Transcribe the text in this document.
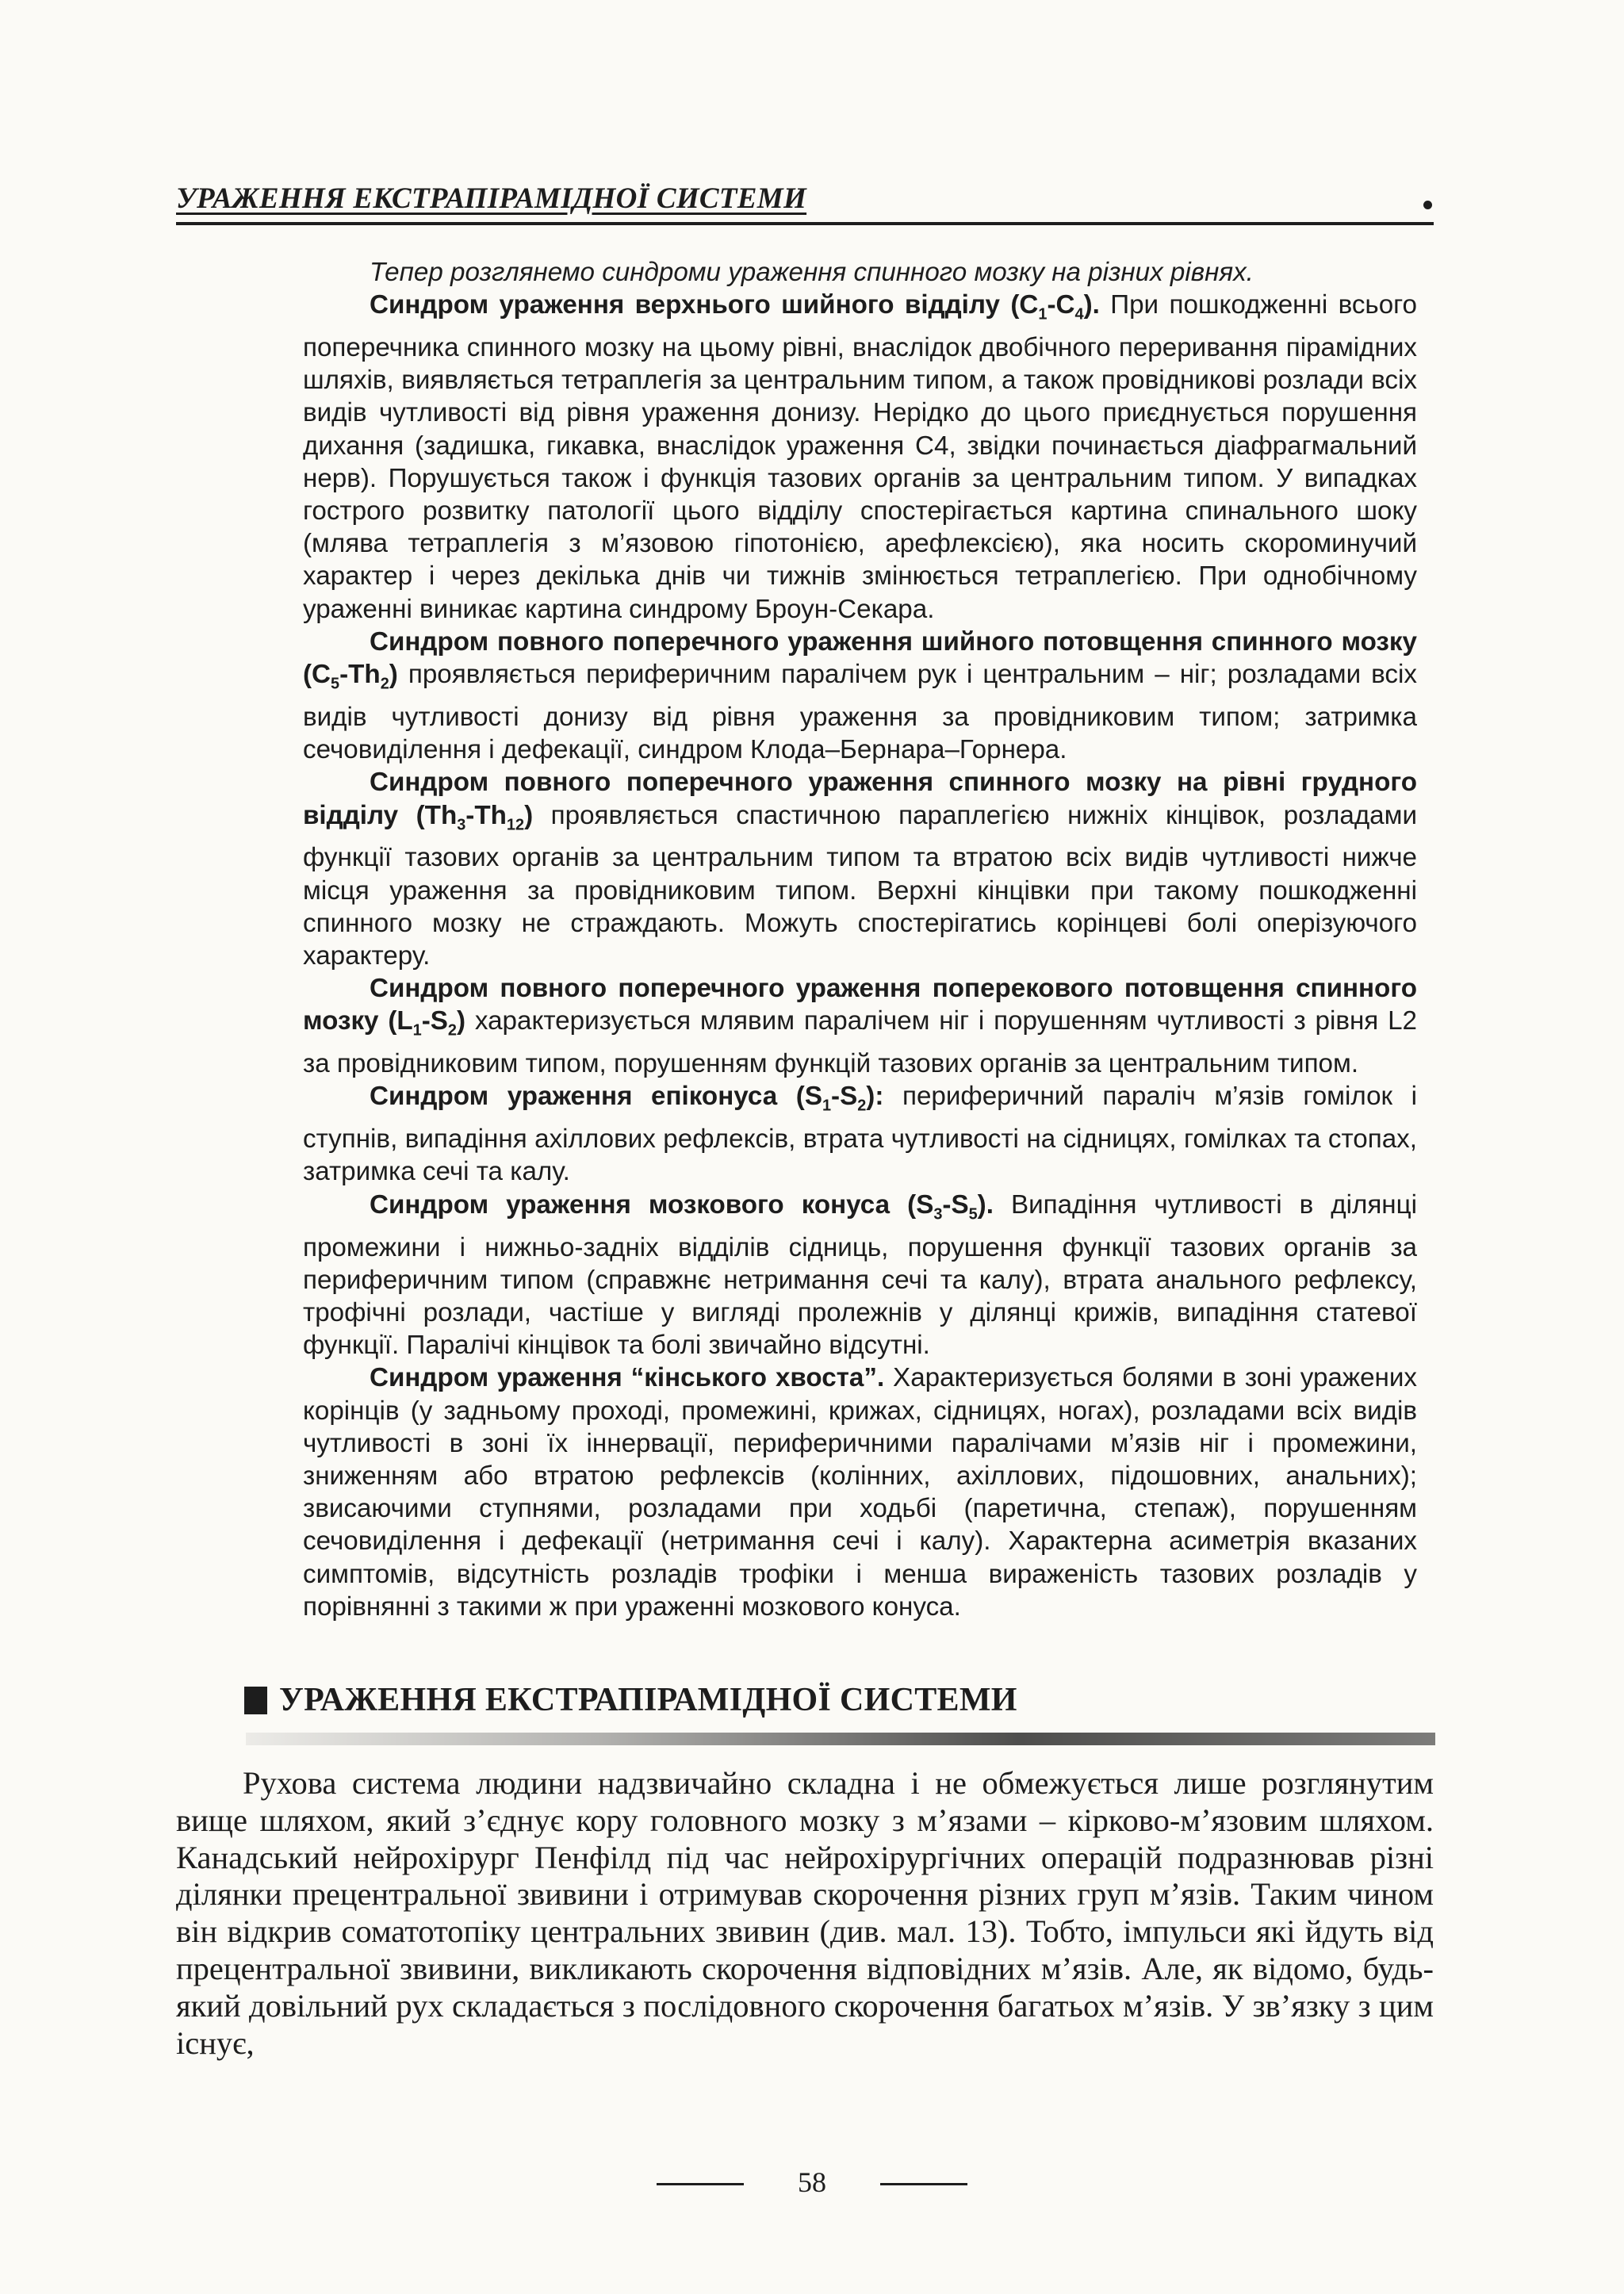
УРАЖЕННЯ ЕКСТРАПІРАМІДНОЇ СИСТЕМИ

Тепер розглянемо синдроми ураження спинного мозку на різних рівнях.

Синдром ураження верхнього шийного відділу $(С_1-С_4)$. При пошкодженні всього поперечника спинного мозку на цьому рівні, внаслідок двобічного переривання пірамідних шляхів, виявляється тетраплегія за центральним типом, а також провідникові розлади всіх видів чутливості від рівня ураження донизу. Нерідко до цього приєднується порушення дихання (задишка, гикавка, внаслідок ураження С4, звідки починається діафрагмальний нерв). Порушується також і функція тазових органів за центральним типом. У випадках гострого розвитку патології цього відділу спостерігається картина спинального шоку (млява тетраплегія з м’язовою гіпотонією, арефлексією), яка носить скороминучий характер і через декілька днів чи тижнів змінюється тетраплегією. При однобічному ураженні виникає картина синдрому Броун-Секара.

Синдром повного поперечного ураження шийного потовщення спинного мозку $(С_5-Th_2)$ проявляється периферичним паралічем рук і центральним – ніг; розладами всіх видів чутливості донизу від рівня ураження за провідниковим типом; затримка сечовиділення і дефекації, синдром Клода–Бернара–Горнера.

Синдром повного поперечного ураження спинного мозку на рівні грудного відділу $(Th_3-Th_{12})$ проявляється спастичною параплегією нижніх кінцівок, розладами функції тазових органів за центральним типом та втратою всіх видів чутливості нижче місця ураження за провідниковим типом. Верхні кінцівки при такому пошкодженні спинного мозку не страждають. Можуть спостерігатись корінцеві болі оперізуючого характеру.

Синдром повного поперечного ураження поперекового потовщення спинного мозку $(L_1-S_2)$ характеризується млявим паралічем ніг і порушенням чутливості з рівня L2 за провідниковим типом, порушенням функцій тазових органів за центральним типом.

Синдром ураження епіконуса $(S_1-S_2)$: периферичний параліч м’язів гомілок і ступнів, випадіння ахіллових рефлексів, втрата чутливості на сідницях, гомілках та стопах, затримка сечі та калу.

Синдром ураження мозкового конуса $(S_3-S_5)$. Випадіння чутливості в ділянці промежини і нижньо-задніх відділів сідниць, порушення функції тазових органів за периферичним типом (справжнє нетримання сечі та калу), втрата анального рефлексу, трофічні розлади, частіше у вигляді пролежнів у ділянці крижів, випадіння статевої функції. Паралічі кінцівок та болі звичайно відсутні.

Синдром ураження “кінського хвоста”. Характеризується болями в зоні уражених корінців (у задньому проході, промежині, крижах, сідницях, ногах), розладами всіх видів чутливості в зоні їх іннервації, периферичними паралічами м’язів ніг і промежини, зниженням або втратою рефлексів (колінних, ахіллових, підошовних, анальних); звисаючими ступнями, розладами при ходьбі (паретична, степаж), порушенням сечовиділення і дефекації (нетримання сечі і калу). Характерна асиметрія вказаних симптомів, відсутність розладів трофіки і менша вираженість тазових розладів у порівнянні з такими ж при ураженні мозкового конуса.

УРАЖЕННЯ ЕКСТРАПІРАМІДНОЇ СИСТЕМИ

Рухова система людини надзвичайно складна і не обмежується лише розглянутим вище шляхом, який з’єднує кору головного мозку з м’язами – кірково-м’язовим шляхом. Канадський нейрохірург Пенфілд під час нейрохірургічних операцій подразнював різні ділянки прецентральної звивини і отримував скорочення різних груп м’язів. Таким чином він відкрив соматотопіку центральних звивин (див. мал. 13). Тобто, імпульси які йдуть від прецентральної звивини, викликають скорочення відповідних м’язів. Але, як відомо, будь-який довільний рух складається з послідовного скорочення багатьох м’язів. У зв’язку з цим існує,

58
